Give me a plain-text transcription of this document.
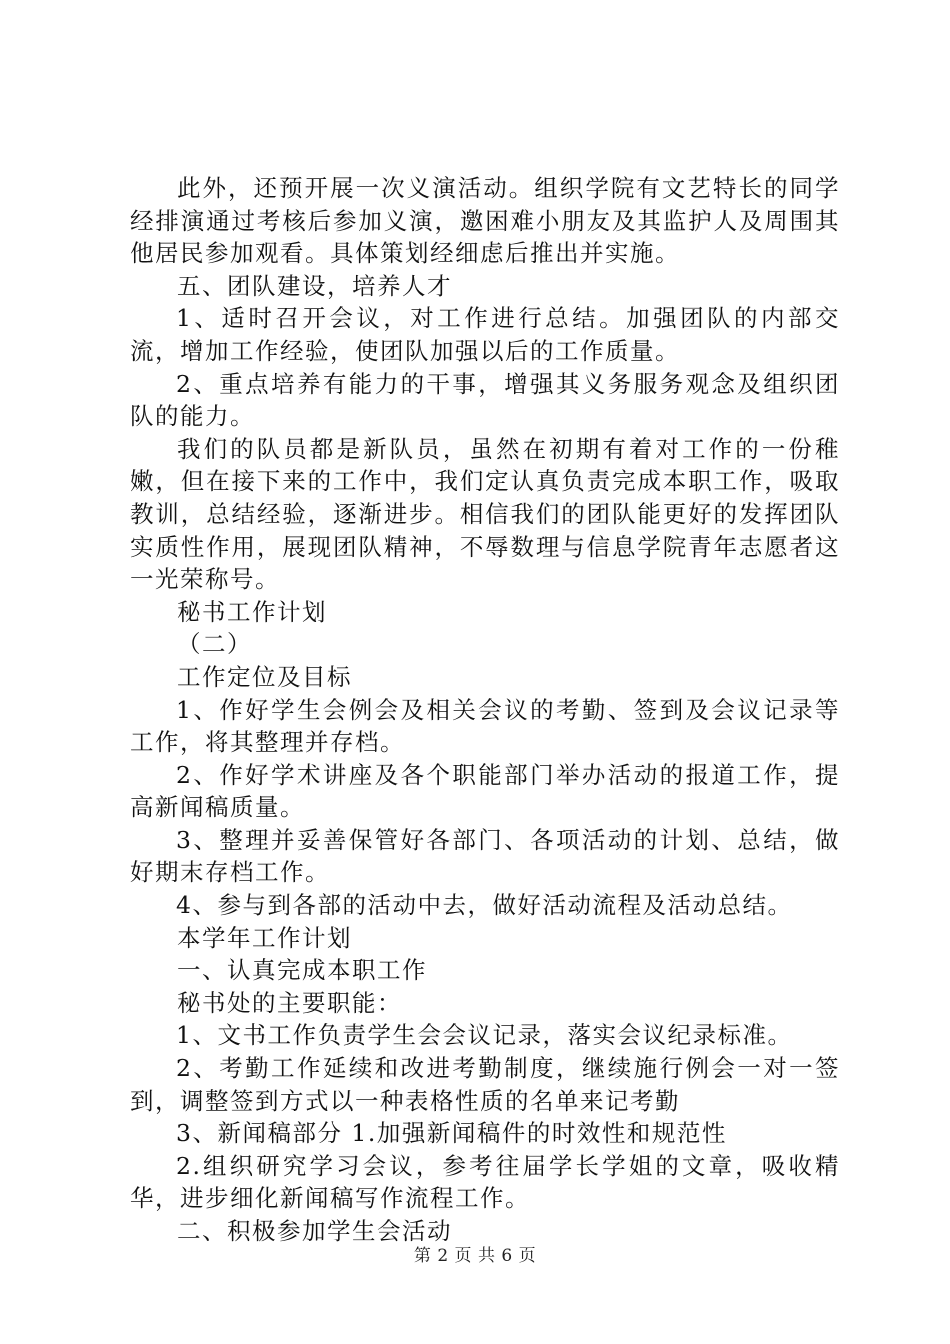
此外，还预开展一次义演活动。组织学院有文艺特长的同学经排演通过考核后参加义演，邀困难小朋友及其监护人及周围其他居民参加观看。具体策划经细虑后推出并实施。

五、团队建设，培养人才

1、适时召开会议，对工作进行总结。加强团队的内部交流，增加工作经验，使团队加强以后的工作质量。

2、重点培养有能力的干事，增强其义务服务观念及组织团队的能力。

我们的队员都是新队员，虽然在初期有着对工作的一份稚嫩，但在接下来的工作中，我们定认真负责完成本职工作，吸取教训，总结经验，逐渐进步。相信我们的团队能更好的发挥团队实质性作用，展现团队精神，不辱数理与信息学院青年志愿者这一光荣称号。

秘书工作计划

（二）

工作定位及目标

1、作好学生会例会及相关会议的考勤、签到及会议记录等工作，将其整理并存档。

2、作好学术讲座及各个职能部门举办活动的报道工作，提高新闻稿质量。

3、整理并妥善保管好各部门、各项活动的计划、总结，做好期末存档工作。

4、参与到各部的活动中去，做好活动流程及活动总结。

本学年工作计划

一、认真完成本职工作

秘书处的主要职能：

1、文书工作负责学生会会议记录，落实会议纪录标准。

2、考勤工作延续和改进考勤制度，继续施行例会一对一签到，调整签到方式以一种表格性质的名单来记考勤

3、新闻稿部分 1.加强新闻稿件的时效性和规范性

2.组织研究学习会议，参考往届学长学姐的文章，吸收精华，进步细化新闻稿写作流程工作。

二、积极参加学生会活动

第 2 页 共 6 页
